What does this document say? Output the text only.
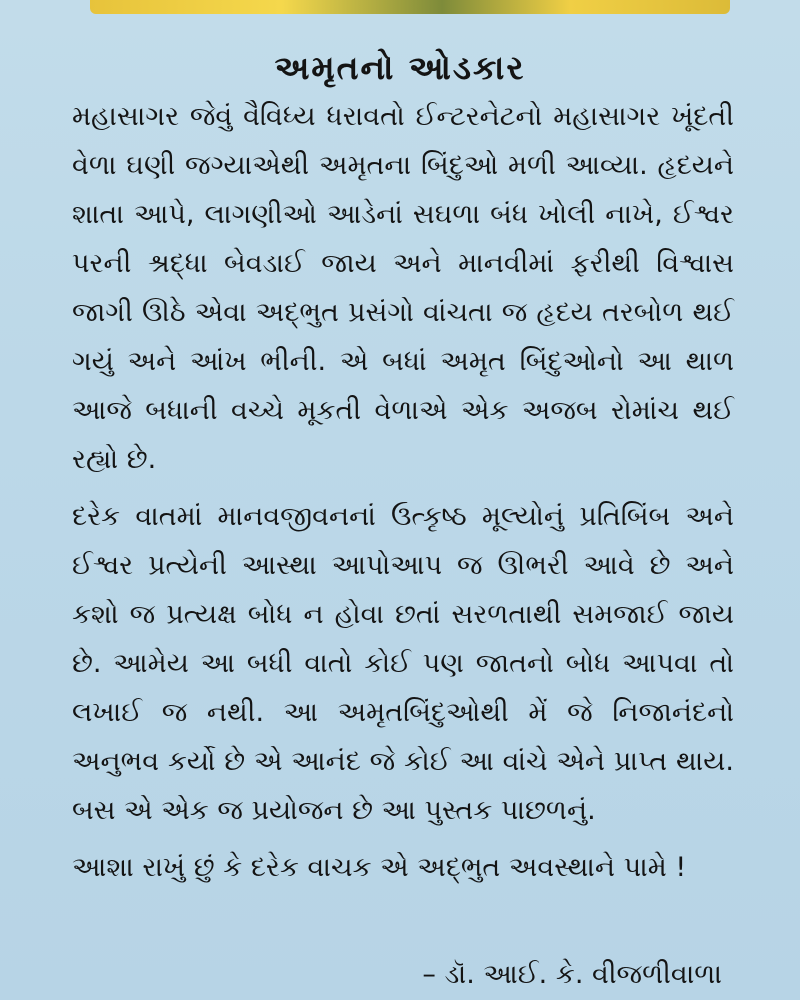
અમૃતનો ઓડકાર

મહાસાગર જેવું વૈવિધ્ય ધરાવતો ઈન્ટરનેટનો મહાસાગર ખૂંદતી વેળા ઘણી જગ્યાએથી અમૃતના બિંદુઓ મળી આવ્યા. હૃદયને શાતા આપે, લાગણીઓ આડેનાં સઘળા બંધ ખોલી નાખે, ઈશ્વર પરની શ્રદ્ધા બેવડાઈ જાય અને માનવીમાં ફરીથી વિશ્વાસ જાગી ઊઠે એવા અદ્ભુત પ્રસંગો વાંચતા જ હૃદય તરબોળ થઈ ગયું અને આંખ ભીની. એ બધાં અમૃત બિંદુઓનો આ થાળ આજે બધાની વચ્ચે મૂકતી વેળાએ એક અજબ રોમાંચ થઈ રહ્યો છે.

દરેક વાતમાં માનવજીવનનાં ઉત્કૃષ્ઠ મૂલ્યોનું પ્રતિબિંબ અને ઈશ્વર પ્રત્યેની આસ્થા આપોઆપ જ ઊભરી આવે છે અને કશો જ પ્રત્યક્ષ બોધ ન હોવા છતાં સરળતાથી સમજાઈ જાય છે. આમેય આ બધી વાતો કોઈ પણ જાતનો બોધ આપવા તો લખાઈ જ નથી. આ અમૃતબિંદુઓથી મેં જે નિજાનંદનો અનુભવ કર્યો છે એ આનંદ જે કોઈ આ વાંચે એને પ્રાપ્ત થાય. બસ એ એક જ પ્રયોજન છે આ પુસ્તક પાછળનું.

આશા રાખું છું કે દરેક વાચક એ અદ્ભુત અવસ્થાને પામે !

– ડૉ. આઈ. કે. વીજળીવાળા
